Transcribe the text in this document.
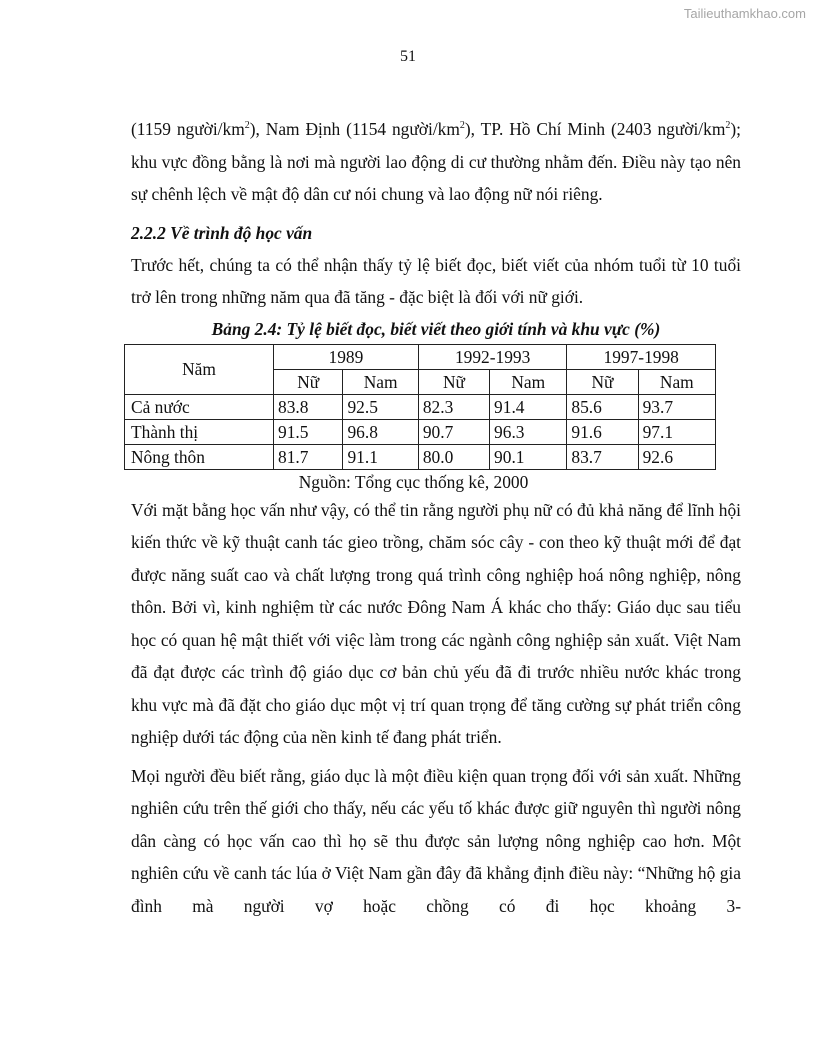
Tailieuthamkhao.com
51

(1159 người/$km^2$), Nam Định (1154 người/$km^2$), TP. Hồ Chí Minh (2403 người/$km^2$); khu vực đồng bằng là nơi mà người lao động di cư thường nhằm đến. Điều này tạo nên sự chênh lệch về mật độ dân cư nói chung và lao động nữ nói riêng.

2.2.2 Về trình độ học vấn

Trước hết, chúng ta có thể nhận thấy tỷ lệ biết đọc, biết viết của nhóm tuổi từ 10 tuổi trở lên trong những năm qua đã tăng - đặc biệt là đối với nữ giới.

Bảng 2.4: Tỷ lệ biết đọc, biết viết theo giới tính và khu vực (%)

Năm	1989		1992-1993		1997-1998	
	Nữ	Nam	Nữ	Nam	Nữ	Nam
Cả nước	83.8	92.5	82.3	91.4	85.6	93.7
Thành thị	91.5	96.8	90.7	96.3	91.6	97.1
Nông thôn	81.7	91.1	80.0	90.1	83.7	92.6

Nguồn: Tổng cục thống kê, 2000

Với mặt bằng học vấn như vậy, có thể tin rằng người phụ nữ có đủ khả năng để lĩnh hội kiến thức về kỹ thuật canh tác gieo trồng, chăm sóc cây - con theo kỹ thuật mới để đạt được năng suất cao và chất lượng trong quá trình công nghiệp hoá nông nghiệp, nông thôn. Bởi vì, kinh nghiệm từ các nước Đông Nam Á khác cho thấy: Giáo dục sau tiểu học có quan hệ mật thiết với việc làm trong các ngành công nghiệp sản xuất. Việt Nam đã đạt được các trình độ giáo dục cơ bản chủ yếu đã đi trước nhiều nước khác trong khu vực mà đã đặt cho giáo dục một vị trí quan trọng để tăng cường sự phát triển công nghiệp dưới tác động của nền kinh tế đang phát triển.

Mọi người đều biết rằng, giáo dục là một điều kiện quan trọng đối với sản xuất. Những nghiên cứu trên thế giới cho thấy, nếu các yếu tố khác được giữ nguyên thì người nông dân càng có học vấn cao thì họ sẽ thu được sản lượng nông nghiệp cao hơn. Một nghiên cứu về canh tác lúa ở Việt Nam gần đây đã khẳng định điều này: “Những hộ gia đình mà người vợ hoặc chồng có đi học khoảng 3-
